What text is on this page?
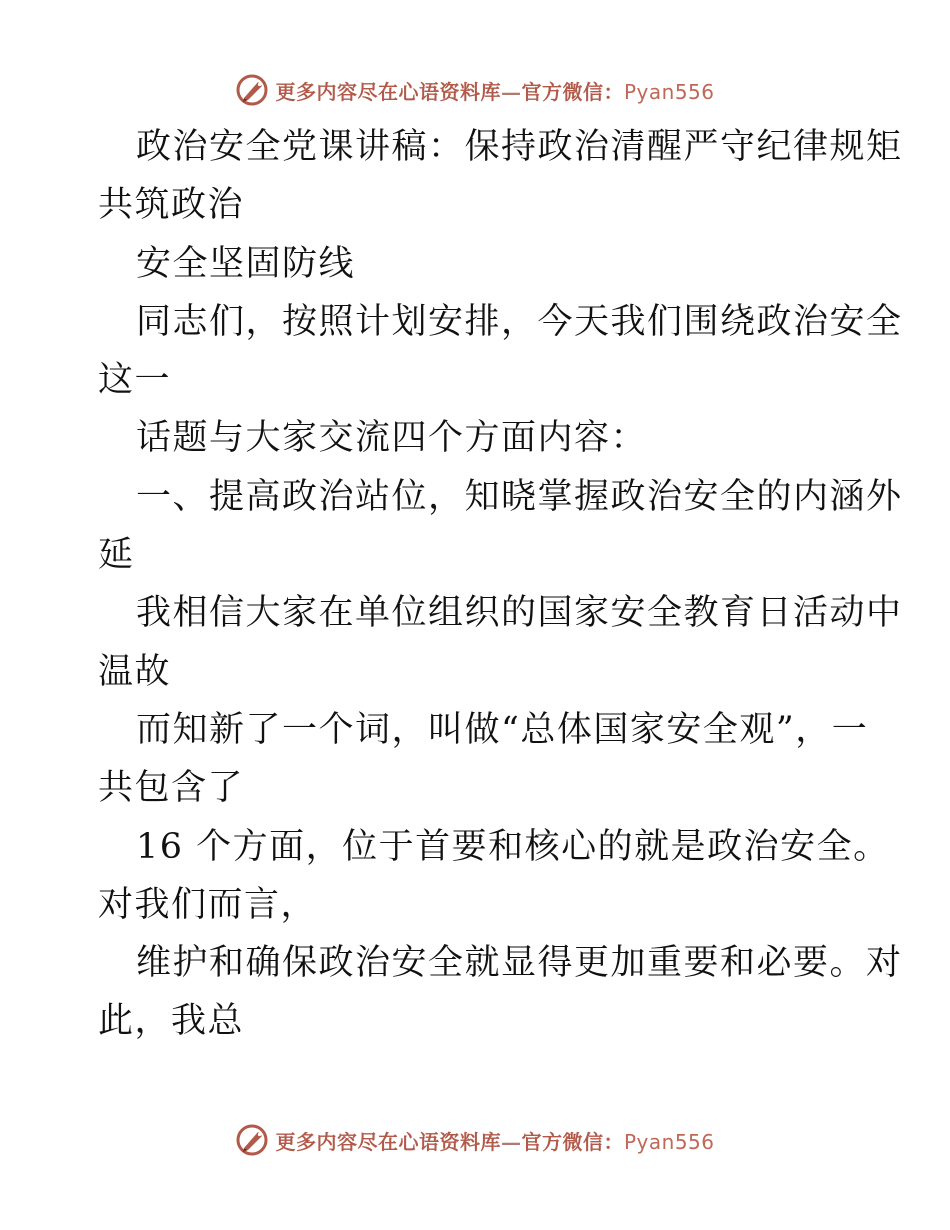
更多内容尽在心语资料库—官方微信：Pyan556
政治安全党课讲稿：保持政治清醒严守纪律规矩
共筑政治
安全坚固防线
同志们，按照计划安排，今天我们围绕政治安全
这一
话题与大家交流四个方面内容：
一、提高政治站位，知晓掌握政治安全的内涵外
延
我相信大家在单位组织的国家安全教育日活动中
温故
而知新了一个词，叫做“总体国家安全观”，一
共包含了
16 个方面，位于首要和核心的就是政治安全。
对我们而言，
维护和确保政治安全就显得更加重要和必要。对
此，我总
更多内容尽在心语资料库—官方微信：Pyan556
